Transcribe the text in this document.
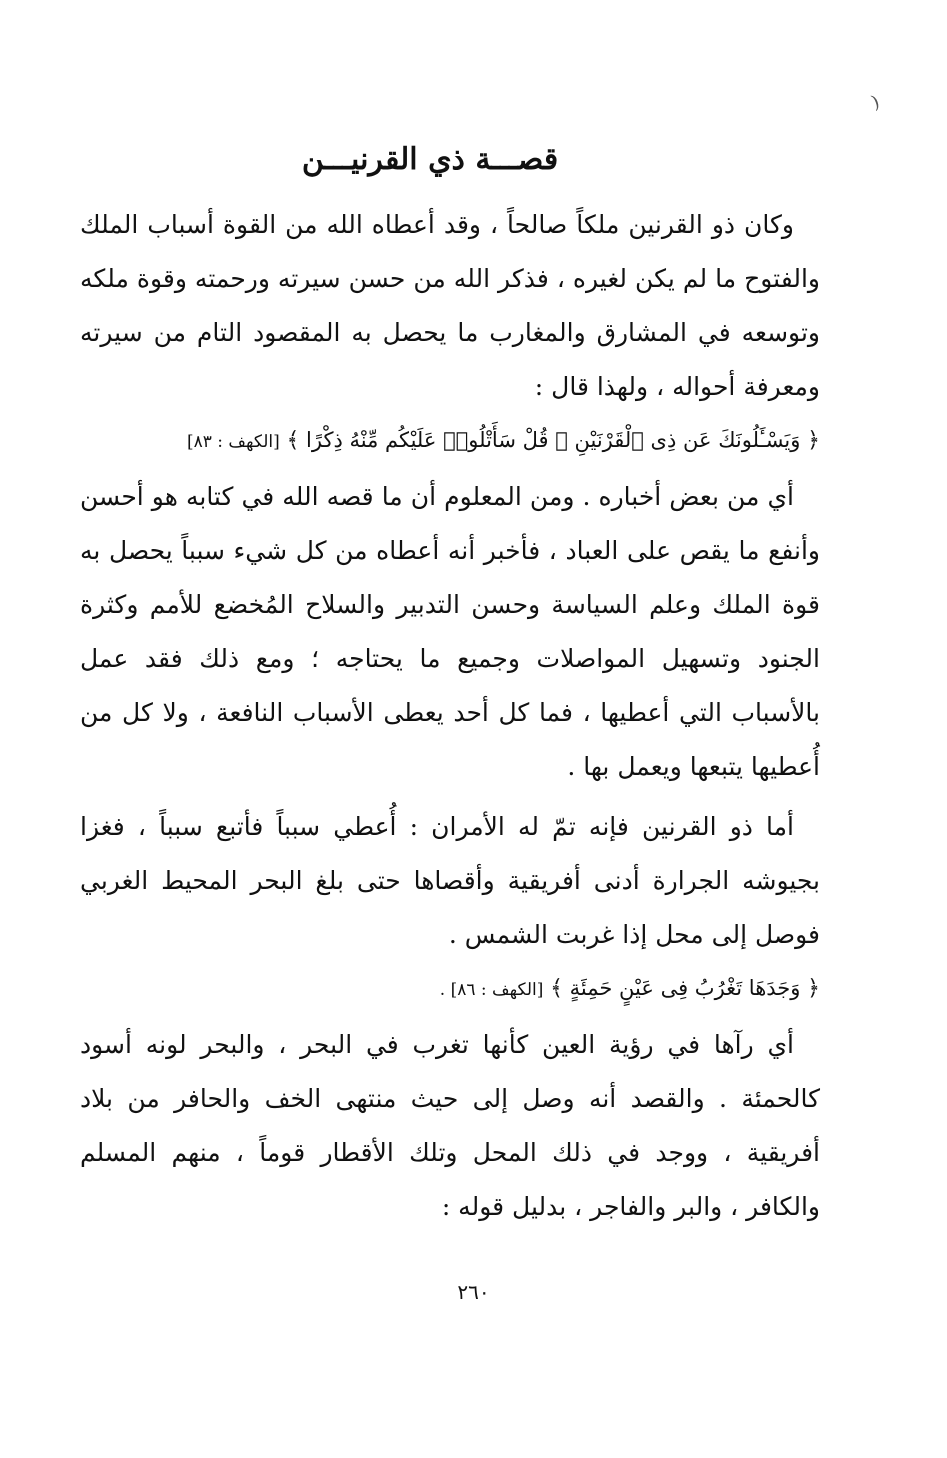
(
قصـــة ذي القرنيـــن

وكان ذو القرنين ملكاً صالحاً ، وقد أعطاه الله من القوة أسباب الملك والفتوح ما لم يكن لغيره ، فذكر الله من حسن سيرته ورحمته وقوة ملكه وتوسعه في المشارق والمغارب ما يحصل به المقصود التام من سيرته ومعرفة أحواله ، ولهذا قال :

﴿ وَيَسْـَٔلُونَكَ عَن ذِى ٱلْقَرْنَيْنِ ۖ قُلْ سَأَتْلُوا۟ عَلَيْكُم مِّنْهُ ذِكْرًا ﴾ [الكهف : ٨٣]

أي من بعض أخباره . ومن المعلوم أن ما قصه الله في كتابه هو أحسن وأنفع ما يقص على العباد ، فأخبر أنه أعطاه من كل شيء سبباً يحصل به قوة الملك وعلم السياسة وحسن التدبير والسلاح المُخضع للأمم وكثرة الجنود وتسهيل المواصلات وجميع ما يحتاجه ؛ ومع ذلك فقد عمل بالأسباب التي أعطيها ، فما كل أحد يعطى الأسباب النافعة ، ولا كل من أُعطيها يتبعها ويعمل بها .

أما ذو القرنين فإنه تمّ له الأمران : أُعطي سبباً فأتبع سبباً ، فغزا بجيوشه الجرارة أدنى أفريقية وأقصاها حتى بلغ البحر المحيط الغربي فوصل إلى محل إذا غربت الشمس .

﴿ وَجَدَهَا تَغْرُبُ فِى عَيْنٍ حَمِئَةٍ ﴾ [الكهف : ٨٦] .

أي رآها في رؤية العين كأنها تغرب في البحر ، والبحر لونه أسود كالحمئة . والقصد أنه وصل إلى حيث منتهى الخف والحافر من بلاد أفريقية ، ووجد في ذلك المحل وتلك الأقطار قوماً ، منهم المسلم والكافر ، والبر والفاجر ، بدليل قوله :

٢٦٠
